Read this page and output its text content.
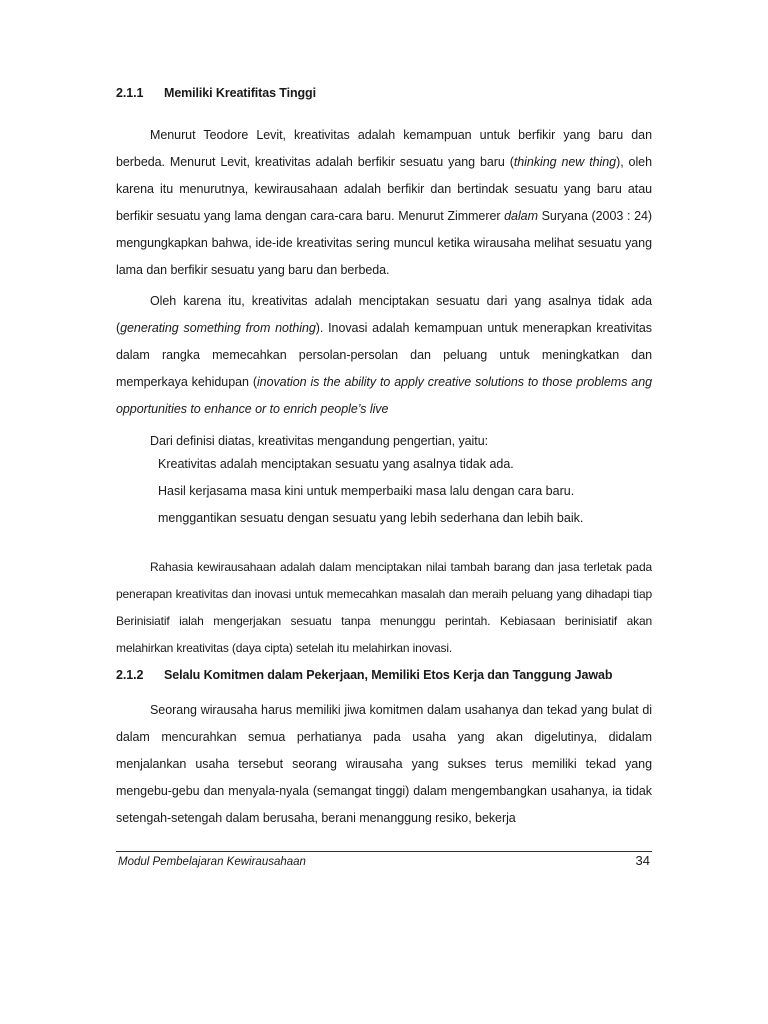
2.1.1 Memiliki Kreatifitas Tinggi

Menurut Teodore Levit, kreativitas adalah kemampuan untuk berfikir yang baru dan berbeda. Menurut Levit, kreativitas adalah berfikir sesuatu yang baru (thinking new thing), oleh karena itu menurutnya, kewirausahaan adalah berfikir dan bertindak sesuatu yang baru atau berfikir sesuatu yang lama dengan cara-cara baru. Menurut Zimmerer dalam Suryana (2003 : 24) mengungkapkan bahwa, ide-ide kreativitas sering muncul ketika wirausaha melihat sesuatu yang lama dan berfikir sesuatu yang baru dan berbeda.

Oleh karena itu, kreativitas adalah menciptakan sesuatu dari yang asalnya tidak ada (generating something from nothing). Inovasi adalah kemampuan untuk menerapkan kreativitas dalam rangka memecahkan persolan-persolan dan peluang untuk meningkatkan dan memperkaya kehidupan (inovation is the ability to apply creative solutions to those problems ang opportunities to enhance or to enrich people’s live

Dari definisi diatas, kreativitas mengandung pengertian, yaitu:

Kreativitas adalah menciptakan sesuatu yang asalnya tidak ada.
Hasil kerjasama masa kini untuk memperbaiki masa lalu dengan cara baru.
menggantikan sesuatu dengan sesuatu yang lebih sederhana dan lebih baik.

Rahasia kewirausahaan adalah dalam menciptakan nilai tambah barang dan jasa terletak pada penerapan kreativitas dan inovasi untuk memecahkan masalah dan meraih peluang yang dihadapi tiap Berinisiatif ialah mengerjakan sesuatu tanpa menunggu perintah. Kebiasaan berinisiatif akan melahirkan kreativitas (daya cipta) setelah itu melahirkan inovasi.

2.1.2 Selalu Komitmen dalam Pekerjaan, Memiliki Etos Kerja dan Tanggung Jawab

Seorang wirausaha harus memiliki jiwa komitmen dalam usahanya dan tekad yang bulat di dalam mencurahkan semua perhatianya pada usaha yang akan digelutinya, didalam menjalankan usaha tersebut seorang wirausaha yang sukses terus memiliki tekad yang mengebu-gebu dan menyala-nyala (semangat tinggi) dalam mengembangkan usahanya, ia tidak setengah-setengah dalam berusaha, berani menanggung resiko, bekerja

Modul Pembelajaran Kewirausahaan	34
